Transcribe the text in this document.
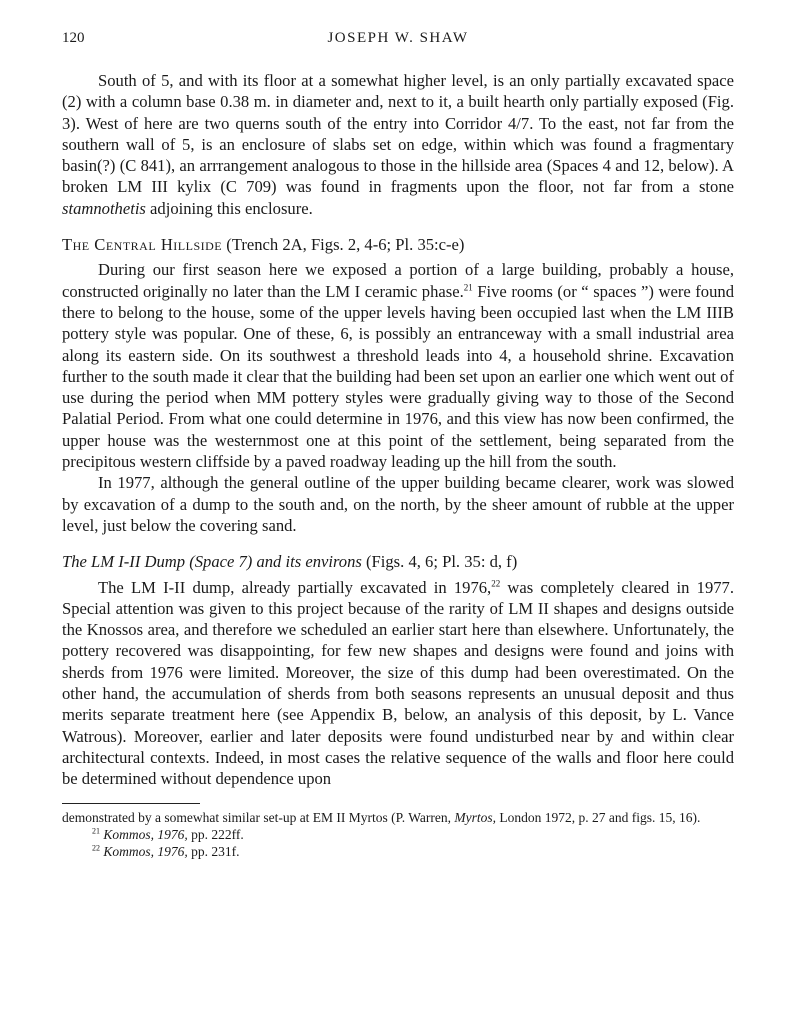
120	JOSEPH W. SHAW

South of 5, and with its floor at a somewhat higher level, is an only partially excavated space (2) with a column base 0.38 m. in diameter and, next to it, a built hearth only partially exposed (Fig. 3). West of here are two querns south of the entry into Corridor 4/7. To the east, not far from the southern wall of 5, is an enclosure of slabs set on edge, within which was found a fragmentary basin(?) (C 841), an arrrangement analogous to those in the hillside area (Spaces 4 and 12, below). A broken LM III kylix (C 709) was found in fragments upon the floor, not far from a stone stamnothetis adjoining this enclosure.

The Central Hillside (Trench 2A, Figs. 2, 4-6; Pl. 35:c-e)

During our first season here we exposed a portion of a large building, probably a house, constructed originally no later than the LM I ceramic phase.$^{21}$ Five rooms (or “ spaces ”) were found there to belong to the house, some of the upper levels having been occupied last when the LM IIIB pottery style was popular. One of these, 6, is possibly an entranceway with a small industrial area along its eastern side. On its southwest a threshold leads into 4, a household shrine. Excavation further to the south made it clear that the building had been set upon an earlier one which went out of use during the period when MM pottery styles were gradually giving way to those of the Second Palatial Period. From what one could determine in 1976, and this view has now been confirmed, the upper house was the westernmost one at this point of the settlement, being separated from the precipitous western cliffside by a paved roadway leading up the hill from the south.

In 1977, although the general outline of the upper building became clearer, work was slowed by excavation of a dump to the south and, on the north, by the sheer amount of rubble at the upper level, just below the covering sand.

The LM I-II Dump (Space 7) and its environs (Figs. 4, 6; Pl. 35: d, f)

The LM I-II dump, already partially excavated in 1976,22 was completely cleared in 1977. Special attention was given to this project because of the rarity of LM II shapes and designs outside the Knossos area, and therefore we scheduled an earlier start here than elsewhere. Unfortunately, the pottery recovered was disappointing, for few new shapes and designs were found and joins with sherds from 1976 were limited. Moreover, the size of this dump had been overestimated. On the other hand, the accumulation of sherds from both seasons represents an unusual deposit and thus merits separate treatment here (see Appendix B, below, an analysis of this deposit, by L. Vance Watrous). Moreover, earlier and later deposits were found undisturbed near by and within clear architectural contexts. Indeed, in most cases the relative sequence of the walls and floor here could be determined without dependence upon

demonstrated by a somewhat similar set-up at EM II Myrtos (P. Warren, Myrtos, London 1972, p. 27 and figs. 15, 16).

$^{21}$ Kommos, 1976, pp. 222ff.

$^{22}$ Kommos, 1976, pp. 231f.
